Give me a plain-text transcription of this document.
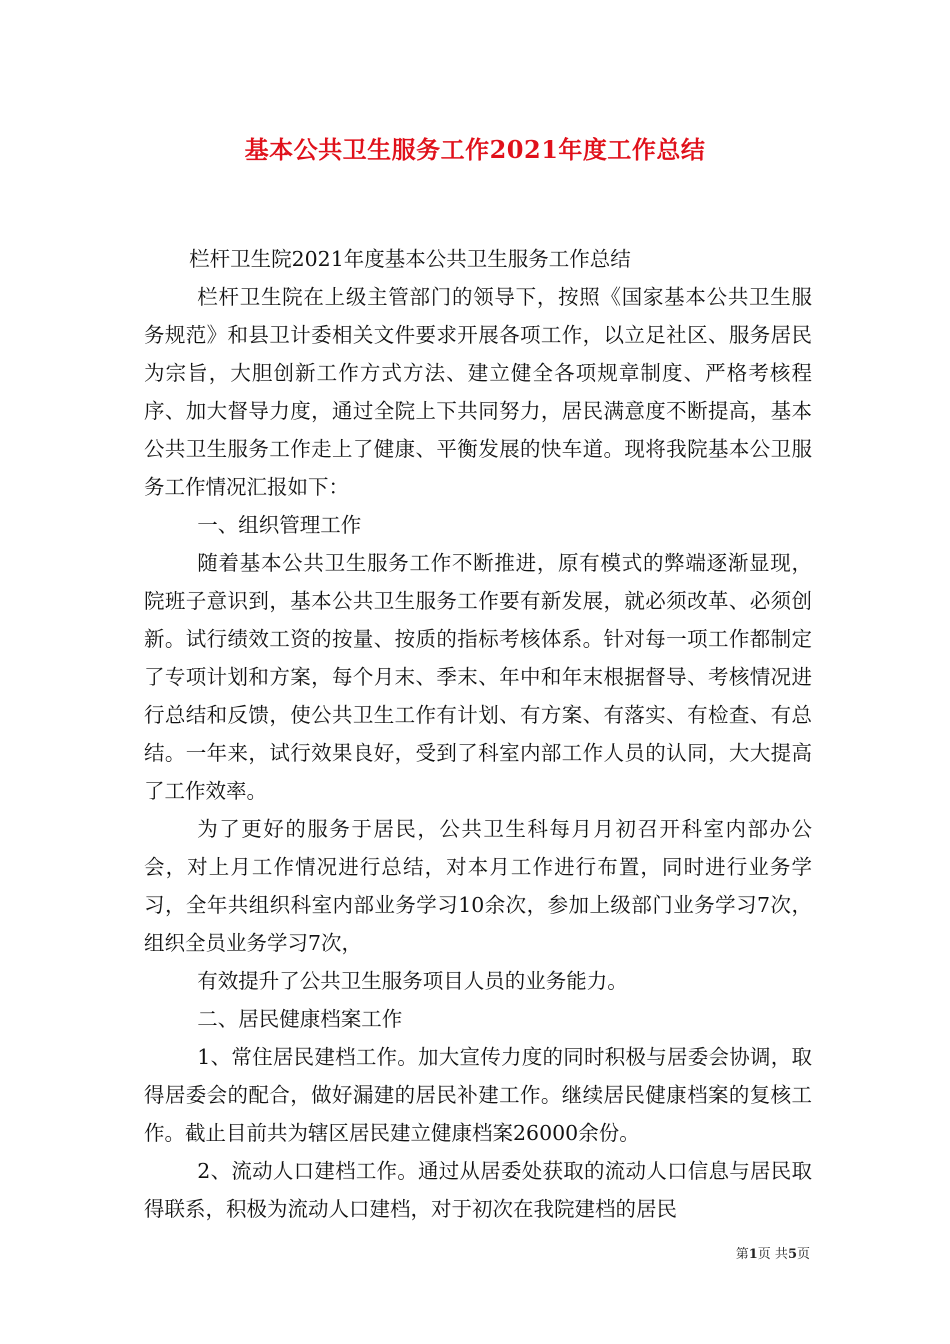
基本公共卫生服务工作2021年度工作总结

栏杆卫生院2021年度基本公共卫生服务工作总结

栏杆卫生院在上级主管部门的领导下，按照《国家基本公共卫生服务规范》和县卫计委相关文件要求开展各项工作，以立足社区、服务居民为宗旨，大胆创新工作方式方法、建立健全各项规章制度、严格考核程序、加大督导力度，通过全院上下共同努力，居民满意度不断提高，基本公共卫生服务工作走上了健康、平衡发展的快车道。现将我院基本公卫服务工作情况汇报如下：

一、组织管理工作

随着基本公共卫生服务工作不断推进，原有模式的弊端逐渐显现，院班子意识到，基本公共卫生服务工作要有新发展，就必须改革、必须创新。试行绩效工资的按量、按质的指标考核体系。针对每一项工作都制定了专项计划和方案，每个月末、季末、年中和年末根据督导、考核情况进行总结和反馈，使公共卫生工作有计划、有方案、有落实、有检查、有总结。一年来，试行效果良好，受到了科室内部工作人员的认同，大大提高了工作效率。

为了更好的服务于居民，公共卫生科每月月初召开科室内部办公会，对上月工作情况进行总结，对本月工作进行布置，同时进行业务学习，全年共组织科室内部业务学习10余次，参加上级部门业务学习7次，组织全员业务学习7次，

有效提升了公共卫生服务项目人员的业务能力。

二、居民健康档案工作

1、常住居民建档工作。加大宣传力度的同时积极与居委会协调，取得居委会的配合，做好漏建的居民补建工作。继续居民健康档案的复核工作。截止目前共为辖区居民建立健康档案26000余份。

2、流动人口建档工作。通过从居委处获取的流动人口信息与居民取得联系，积极为流动人口建档，对于初次在我院建档的居民

第1页 共5页
